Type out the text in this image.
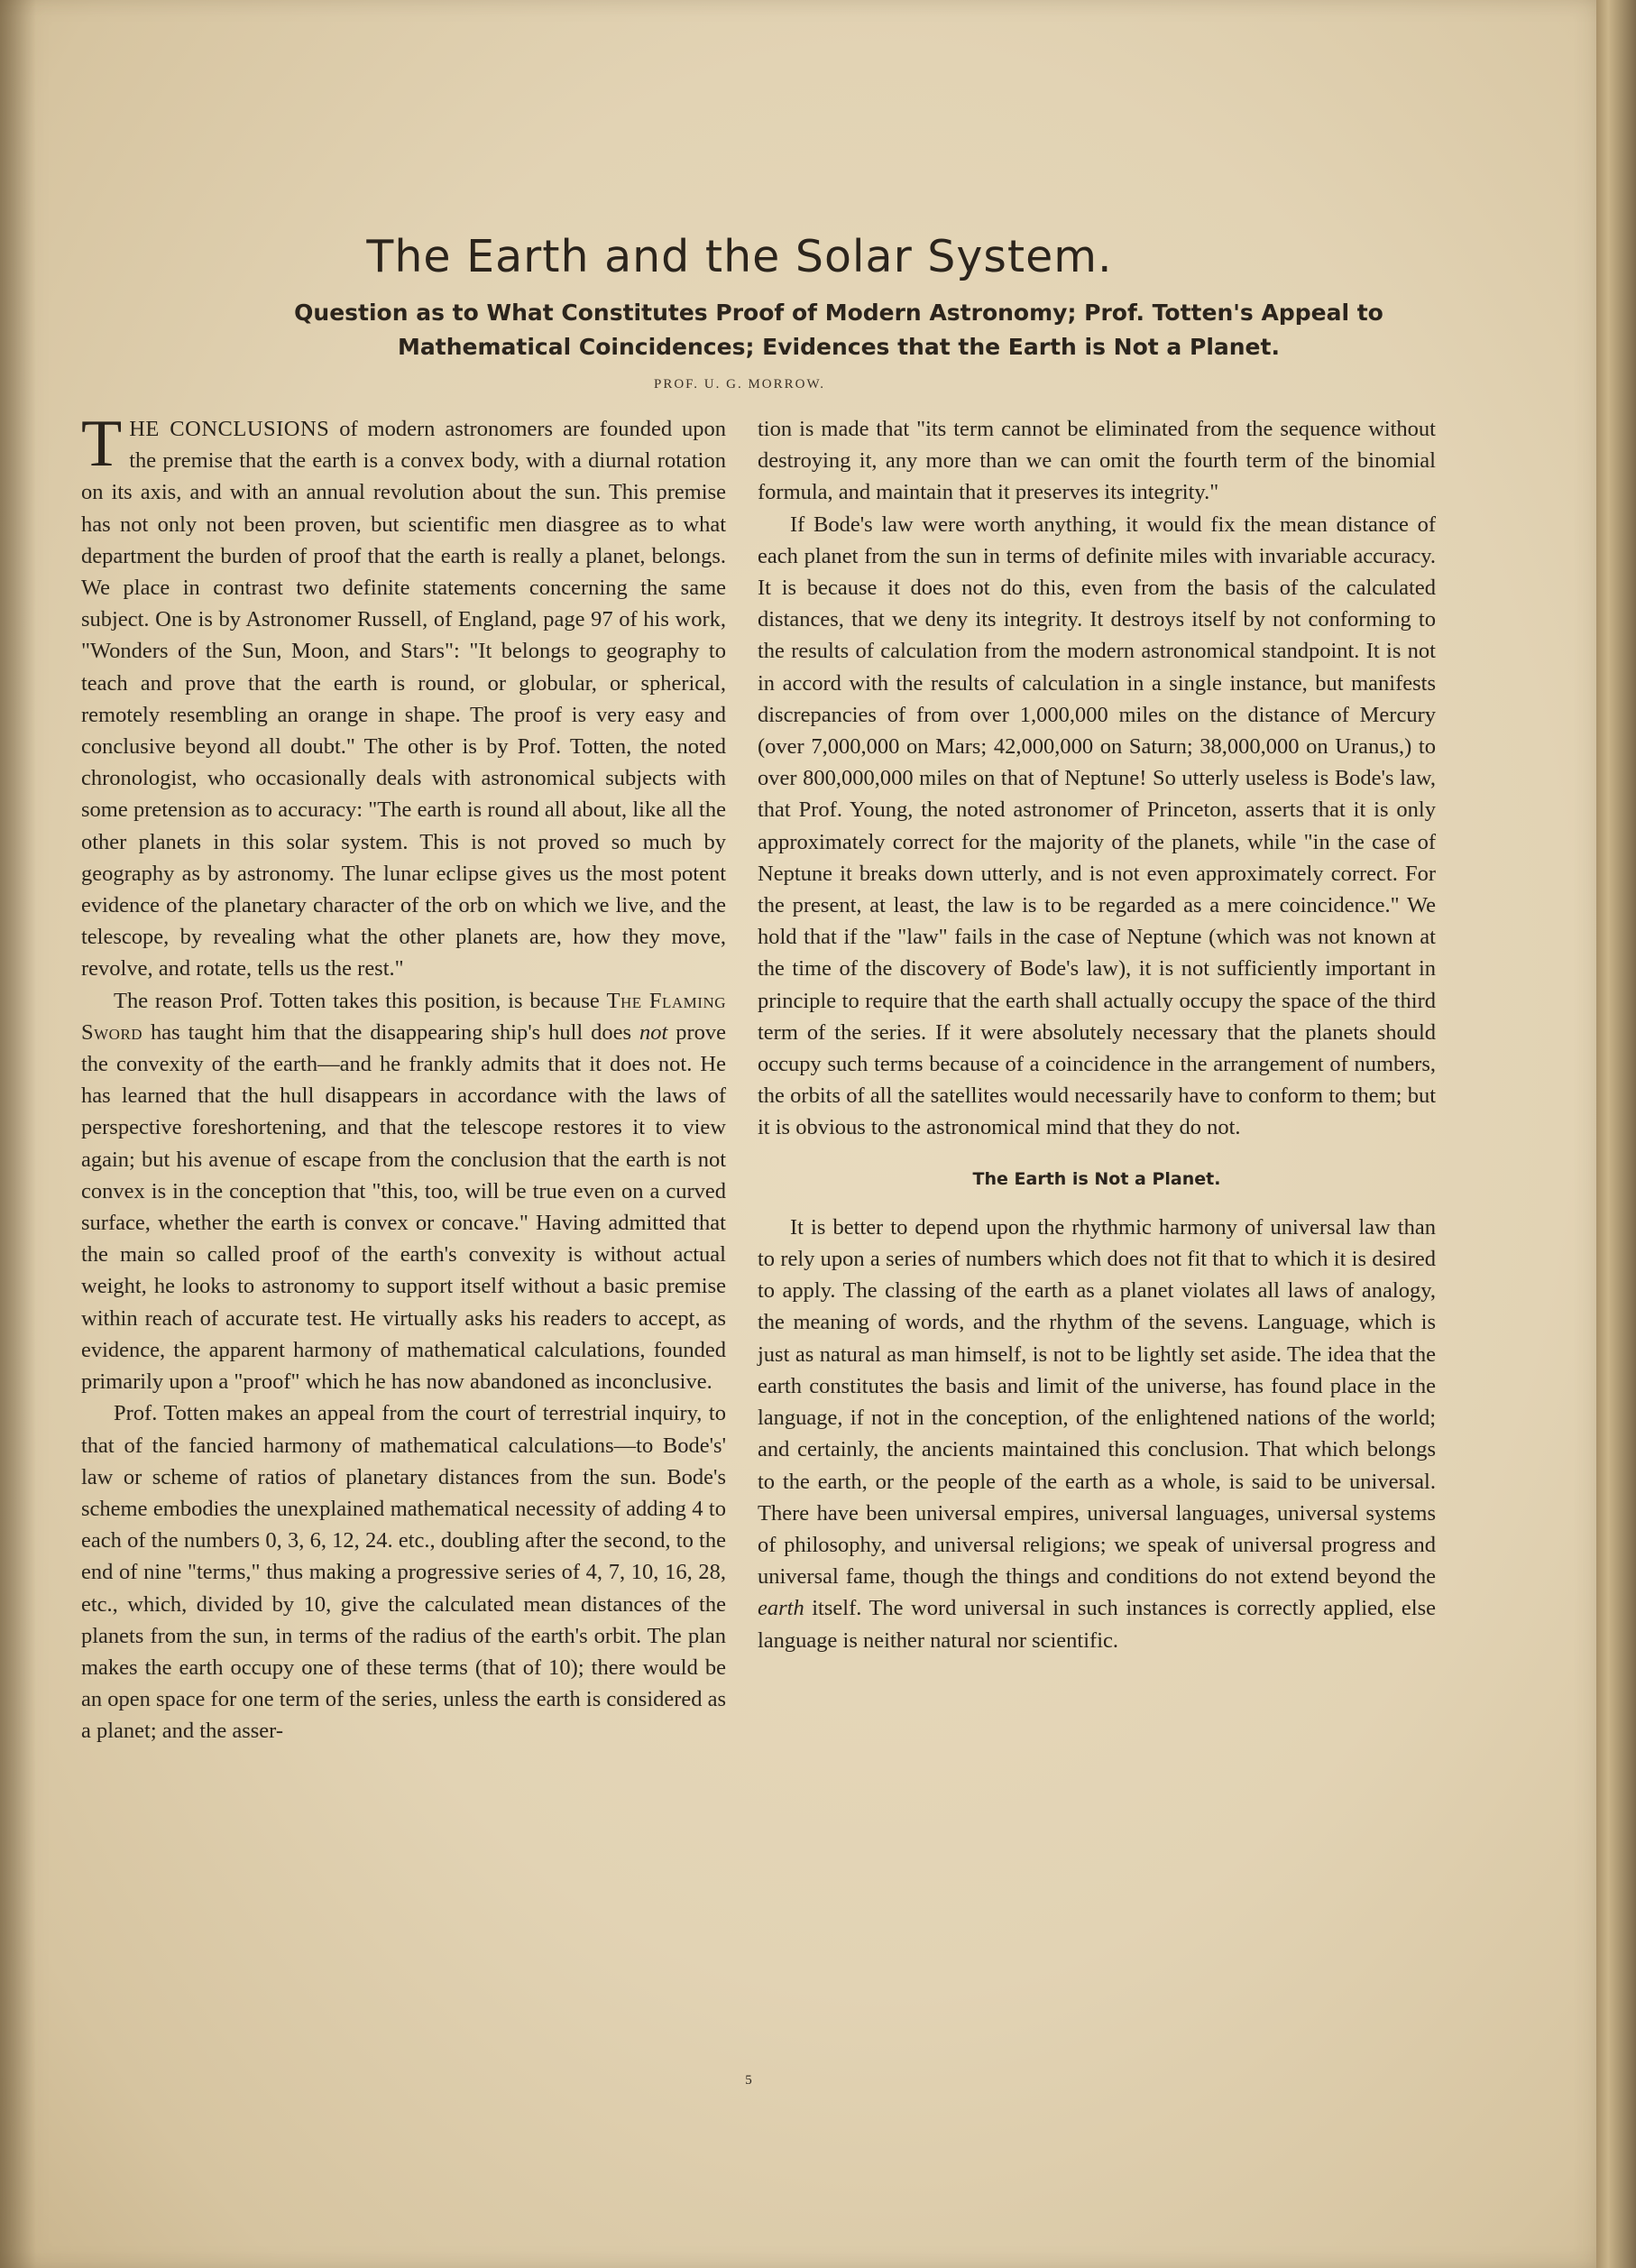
The Earth and the Solar System.
Question as to What Constitutes Proof of Modern Astronomy; Prof. Totten's Appeal to Mathematical Coincidences; Evidences that the Earth is Not a Planet.
PROF. U. G. MORROW.

THE CONCLUSIONS of modern astronomers are founded upon the premise that the earth is a convex body, with a diurnal rotation on its axis, and with an annual revolution about the sun. This premise has not only not been proven, but scientific men diasgree as to what department the burden of proof that the earth is really a planet, belongs. We place in contrast two definite statements concerning the same subject. One is by Astronomer Russell, of England, page 97 of his work, "Wonders of the Sun, Moon, and Stars": "It belongs to geography to teach and prove that the earth is round, or globular, or spherical, remotely resembling an orange in shape. The proof is very easy and conclusive beyond all doubt." The other is by Prof. Totten, the noted chronologist, who occasionally deals with astronomical subjects with some pretension as to accuracy: "The earth is round all about, like all the other planets in this solar system. This is not proved so much by geography as by astronomy. The lunar eclipse gives us the most potent evidence of the planetary character of the orb on which we live, and the telescope, by revealing what the other planets are, how they move, revolve, and rotate, tells us the rest."

The reason Prof. Totten takes this position, is because The Flaming Sword has taught him that the disappearing ship's hull does not prove the convexity of the earth—and he frankly admits that it does not. He has learned that the hull disappears in accordance with the laws of perspective foreshortening, and that the telescope restores it to view again; but his avenue of escape from the conclusion that the earth is not convex is in the conception that "this, too, will be true even on a curved surface, whether the earth is convex or concave." Having admitted that the main so called proof of the earth's convexity is without actual weight, he looks to astronomy to support itself without a basic premise within reach of accurate test. He virtually asks his readers to accept, as evidence, the apparent harmony of mathematical calculations, founded primarily upon a "proof" which he has now abandoned as inconclusive.

Prof. Totten makes an appeal from the court of terrestrial inquiry, to that of the fancied harmony of mathematical calculations—to Bode's' law or scheme of ratios of planetary distances from the sun. Bode's scheme embodies the unexplained mathematical necessity of adding 4 to each of the numbers 0, 3, 6, 12, 24. etc., doubling after the second, to the end of nine "terms," thus making a progressive series of 4, 7, 10, 16, 28, etc., which, divided by 10, give the calculated mean distances of the planets from the sun, in terms of the radius of the earth's orbit. The plan makes the earth occupy one of these terms (that of 10); there would be an open space for one term of the series, unless the earth is considered as a planet; and the asser-

tion is made that "its term cannot be eliminated from the sequence without destroying it, any more than we can omit the fourth term of the binomial formula, and maintain that it preserves its integrity."

If Bode's law were worth anything, it would fix the mean distance of each planet from the sun in terms of definite miles with invariable accuracy. It is because it does not do this, even from the basis of the calculated distances, that we deny its integrity. It destroys itself by not conforming to the results of calculation from the modern astronomical standpoint. It is not in accord with the results of calculation in a single instance, but manifests discrepancies of from over 1,000,000 miles on the distance of Mercury (over 7,000,000 on Mars; 42,000,000 on Saturn; 38,000,000 on Uranus,) to over 800,000,000 miles on that of Neptune! So utterly useless is Bode's law, that Prof. Young, the noted astronomer of Princeton, asserts that it is only approximately correct for the majority of the planets, while "in the case of Neptune it breaks down utterly, and is not even approximately correct. For the present, at least, the law is to be regarded as a mere coincidence." We hold that if the "law" fails in the case of Neptune (which was not known at the time of the discovery of Bode's law), it is not sufficiently important in principle to require that the earth shall actually occupy the space of the third term of the series. If it were absolutely necessary that the planets should occupy such terms because of a coincidence in the arrangement of numbers, the orbits of all the satellites would necessarily have to conform to them; but it is obvious to the astronomical mind that they do not.

The Earth is Not a Planet.

It is better to depend upon the rhythmic harmony of universal law than to rely upon a series of numbers which does not fit that to which it is desired to apply. The classing of the earth as a planet violates all laws of analogy, the meaning of words, and the rhythm of the sevens. Language, which is just as natural as man himself, is not to be lightly set aside. The idea that the earth constitutes the basis and limit of the universe, has found place in the language, if not in the conception, of the enlightened nations of the world; and certainly, the ancients maintained this conclusion. That which belongs to the earth, or the people of the earth as a whole, is said to be universal. There have been universal empires, universal languages, universal systems of philosophy, and universal religions; we speak of universal progress and universal fame, though the things and conditions do not extend beyond the earth itself. The word universal in such instances is correctly applied, else language is neither natural nor scientific.

5
